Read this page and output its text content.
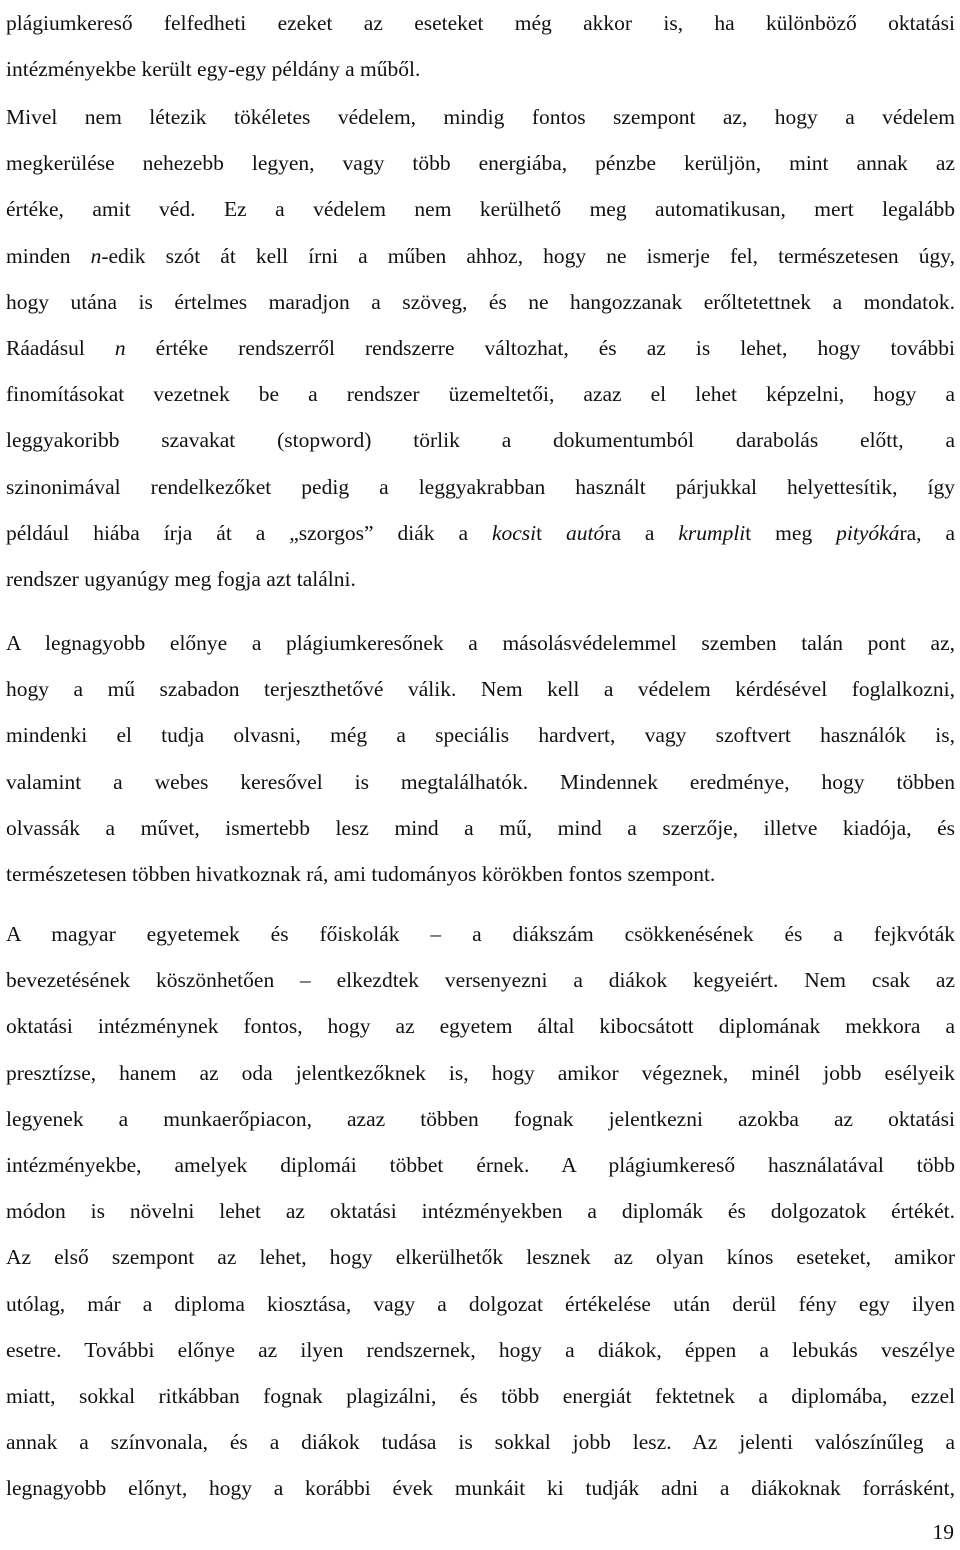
plágiumkereső felfedheti ezeket az eseteket még akkor is, ha különböző oktatási
intézményekbe került egy-egy példány a műből.
Mivel nem létezik tökéletes védelem, mindig fontos szempont az, hogy a védelem
megkerülése nehezebb legyen, vagy több energiába, pénzbe kerüljön, mint annak az
értéke, amit véd. Ez a védelem nem kerülhető meg automatikusan, mert legalább
minden n-edik szót át kell írni a műben ahhoz, hogy ne ismerje fel, természetesen úgy,
hogy utána is értelmes maradjon a szöveg, és ne hangozzanak erőltetettnek a mondatok.
Ráadásul n értéke rendszerről rendszerre változhat, és az is lehet, hogy további
finomításokat vezetnek be a rendszer üzemeltetői, azaz el lehet képzelni, hogy a
leggyakoribb szavakat (stopword) törlik a dokumentumból darabolás előtt, a
szinonimával rendelkezőket pedig a leggyakrabban használt párjukkal helyettesítik, így
például hiába írja át a „szorgos” diák a kocsit autóra a krumplit meg pityókára, a
rendszer ugyanúgy meg fogja azt találni.
A legnagyobb előnye a plágiumkeresőnek a másolásvédelemmel szemben talán pont az,
hogy a mű szabadon terjeszthetővé válik. Nem kell a védelem kérdésével foglalkozni,
mindenki el tudja olvasni, még a speciális hardvert, vagy szoftvert használók is,
valamint a webes keresővel is megtalálhatók. Mindennek eredménye, hogy többen
olvassák a művet, ismertebb lesz mind a mű, mind a szerzője, illetve kiadója, és
természetesen többen hivatkoznak rá, ami tudományos körökben fontos szempont.
A magyar egyetemek és főiskolák – a diákszám csökkenésének és a fejkvóták
bevezetésének köszönhetően – elkezdtek versenyezni a diákok kegyeiért. Nem csak az
oktatási intézménynek fontos, hogy az egyetem által kibocsátott diplomának mekkora a
presztízse, hanem az oda jelentkezőknek is, hogy amikor végeznek, minél jobb esélyeik
legyenek a munkaerőpiacon, azaz többen fognak jelentkezni azokba az oktatási
intézményekbe, amelyek diplomái többet érnek. A plágiumkereső használatával több
módon is növelni lehet az oktatási intézményekben a diplomák és dolgozatok értékét.
Az első szempont az lehet, hogy elkerülhetők lesznek az olyan kínos eseteket, amikor
utólag, már a diploma kiosztása, vagy a dolgozat értékelése után derül fény egy ilyen
esetre. További előnye az ilyen rendszernek, hogy a diákok, éppen a lebukás veszélye
miatt, sokkal ritkábban fognak plagizálni, és több energiát fektetnek a diplomába, ezzel
annak a színvonala, és a diákok tudása is sokkal jobb lesz. Az jelenti valószínűleg a
legnagyobb előnyt, hogy a korábbi évek munkáit ki tudják adni a diákoknak forrásként,
19
